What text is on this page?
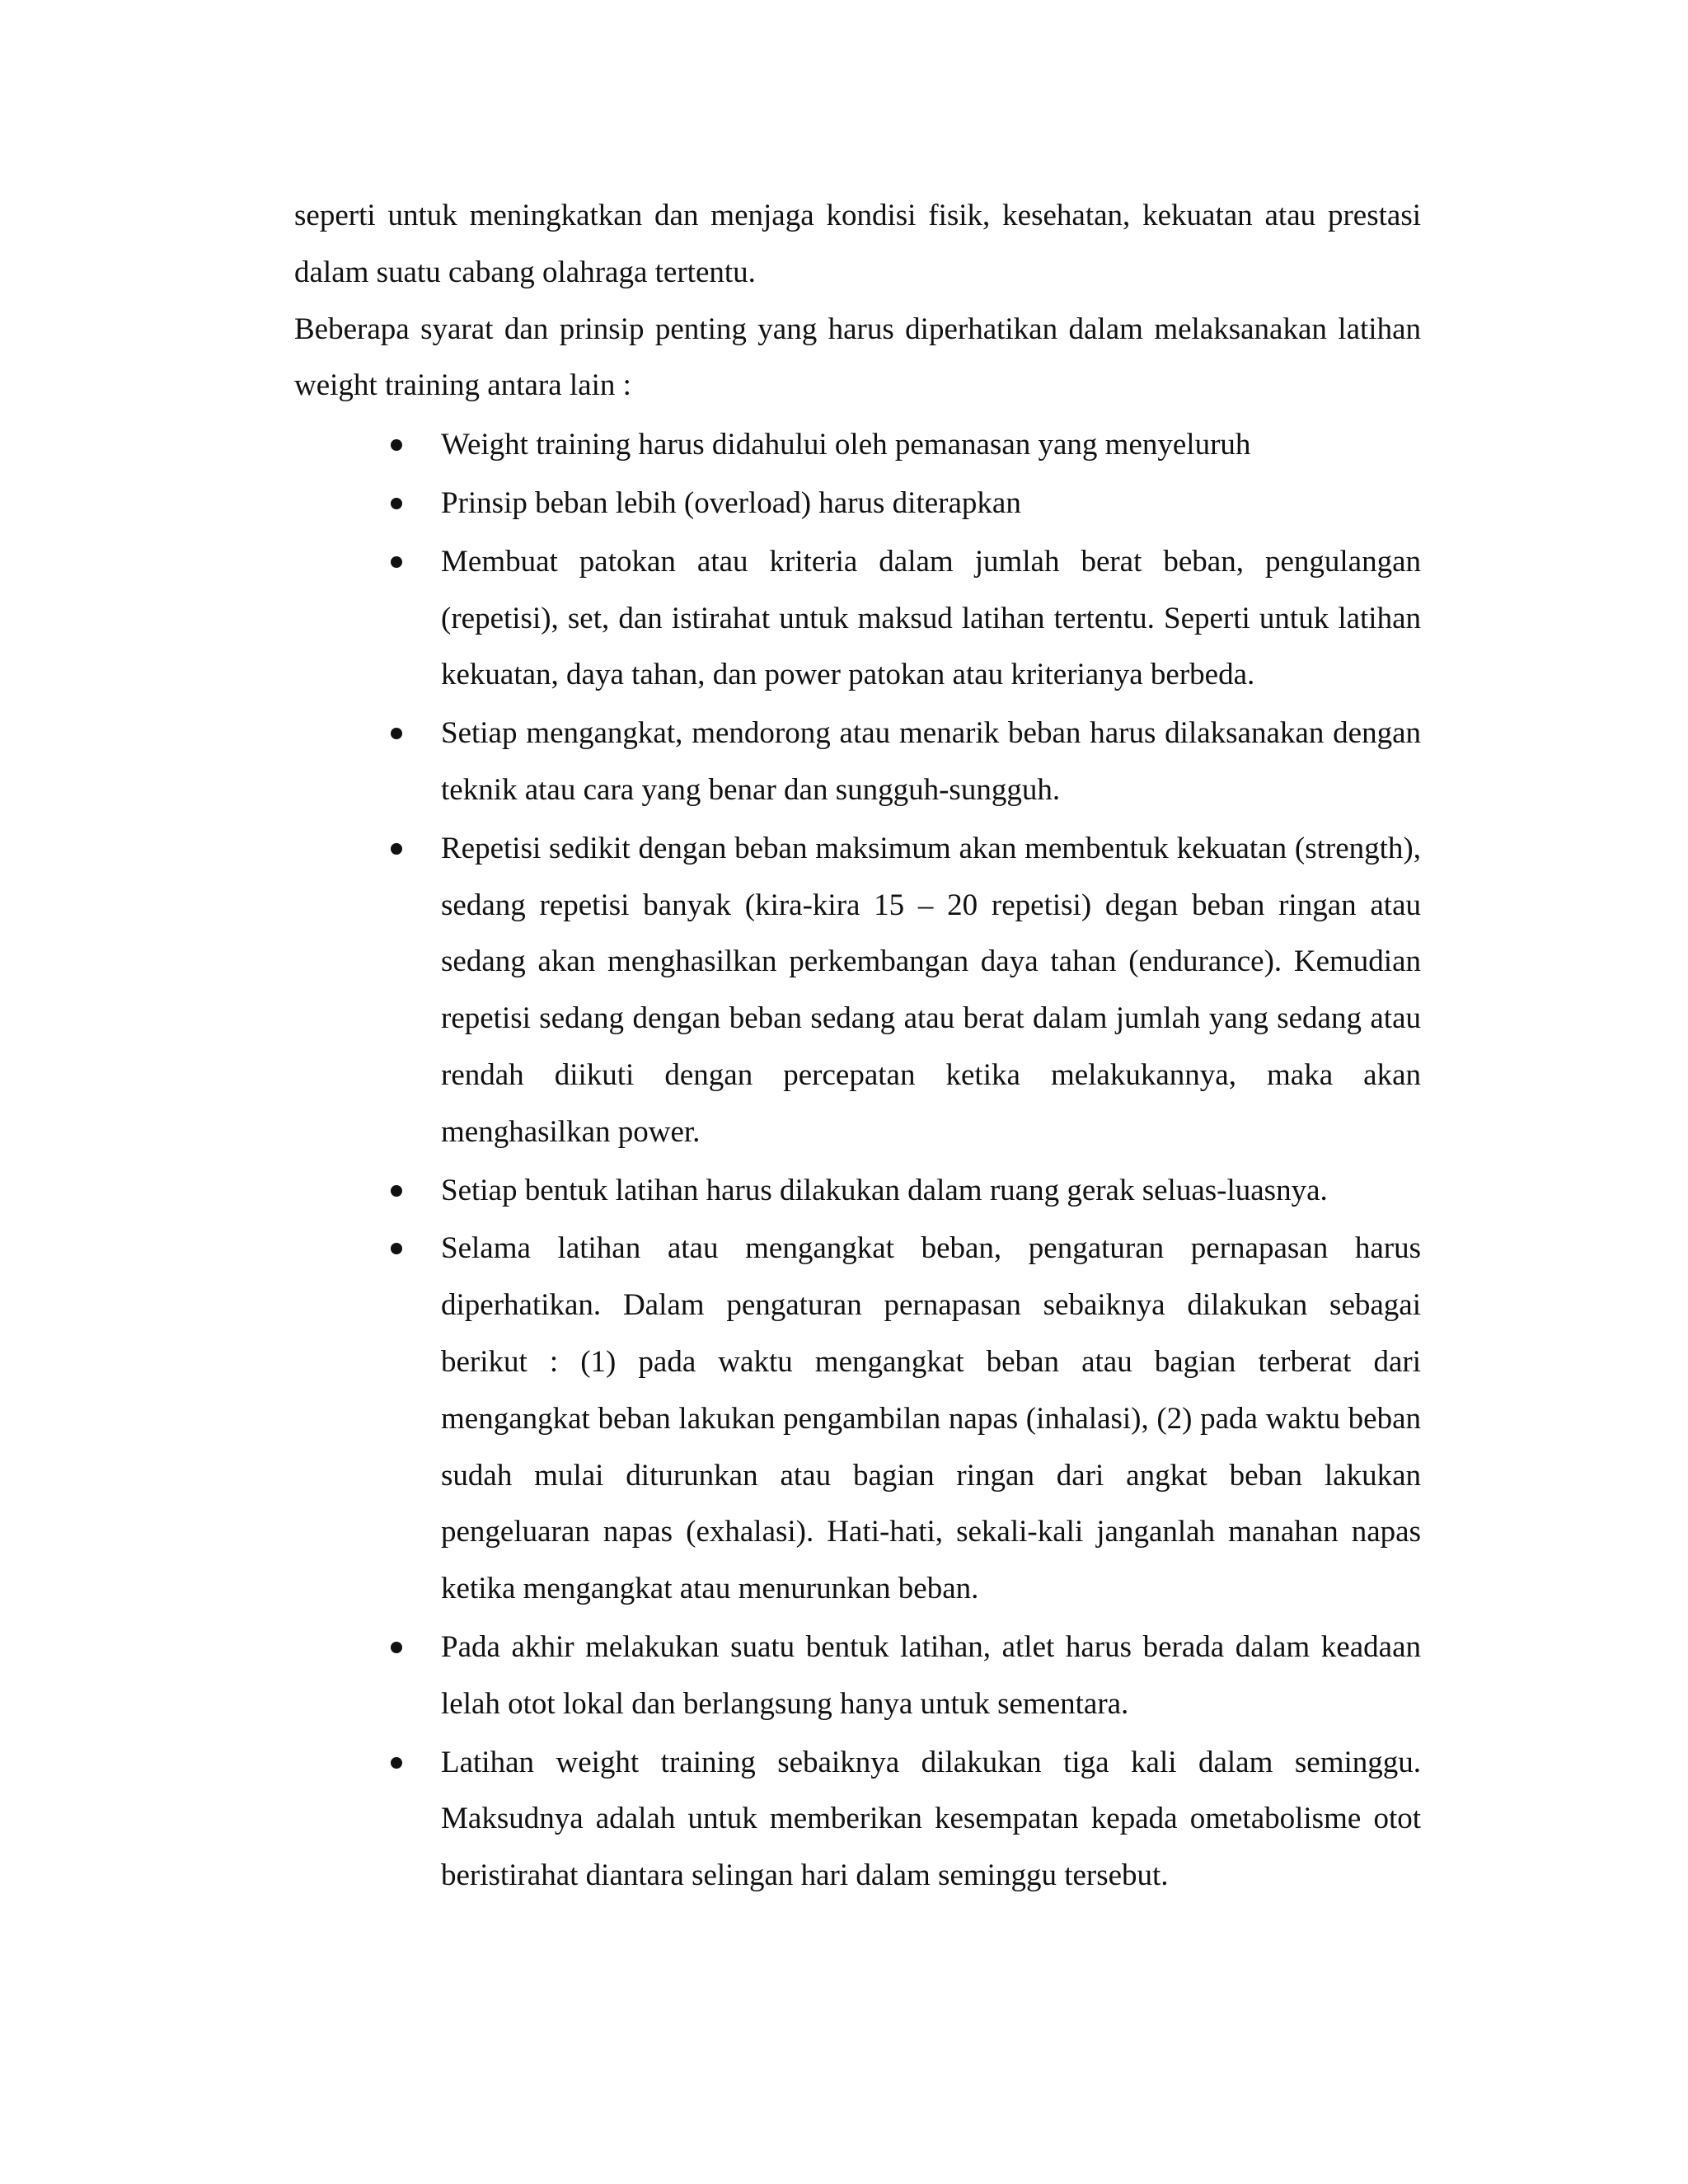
seperti untuk meningkatkan dan menjaga kondisi fisik, kesehatan, kekuatan atau prestasi dalam suatu cabang olahraga tertentu.

Beberapa syarat dan prinsip penting yang harus diperhatikan dalam melaksanakan latihan weight training antara lain :

Weight training harus didahului oleh pemanasan yang menyeluruh
Prinsip beban lebih (overload) harus diterapkan
Membuat patokan atau kriteria dalam jumlah berat beban, pengulangan (repetisi), set, dan istirahat untuk maksud latihan tertentu. Seperti untuk latihan kekuatan, daya tahan, dan power patokan atau kriterianya berbeda.
Setiap mengangkat, mendorong atau menarik beban harus dilaksanakan dengan teknik atau cara yang benar dan sungguh-sungguh.
Repetisi sedikit dengan beban maksimum akan membentuk kekuatan (strength), sedang repetisi banyak (kira-kira 15 – 20 repetisi) degan beban ringan atau sedang akan menghasilkan perkembangan daya tahan (endurance). Kemudian repetisi sedang dengan beban sedang atau berat dalam jumlah yang sedang atau rendah diikuti dengan percepatan ketika melakukannya, maka akan menghasilkan power.
Setiap bentuk latihan harus dilakukan dalam ruang gerak seluas-luasnya.
Selama latihan atau mengangkat beban, pengaturan pernapasan harus diperhatikan. Dalam pengaturan pernapasan sebaiknya dilakukan sebagai berikut : (1) pada waktu mengangkat beban atau bagian terberat dari mengangkat beban lakukan pengambilan napas (inhalasi), (2) pada waktu beban sudah mulai diturunkan atau bagian ringan dari angkat beban lakukan pengeluaran napas (exhalasi). Hati-hati, sekali-kali janganlah manahan napas ketika mengangkat atau menurunkan beban.
Pada akhir melakukan suatu bentuk latihan, atlet harus berada dalam keadaan lelah otot lokal dan berlangsung hanya untuk sementara.
Latihan weight training sebaiknya dilakukan tiga kali dalam seminggu. Maksudnya adalah untuk memberikan kesempatan kepada ometabolisme otot beristirahat diantara selingan hari dalam seminggu tersebut.
